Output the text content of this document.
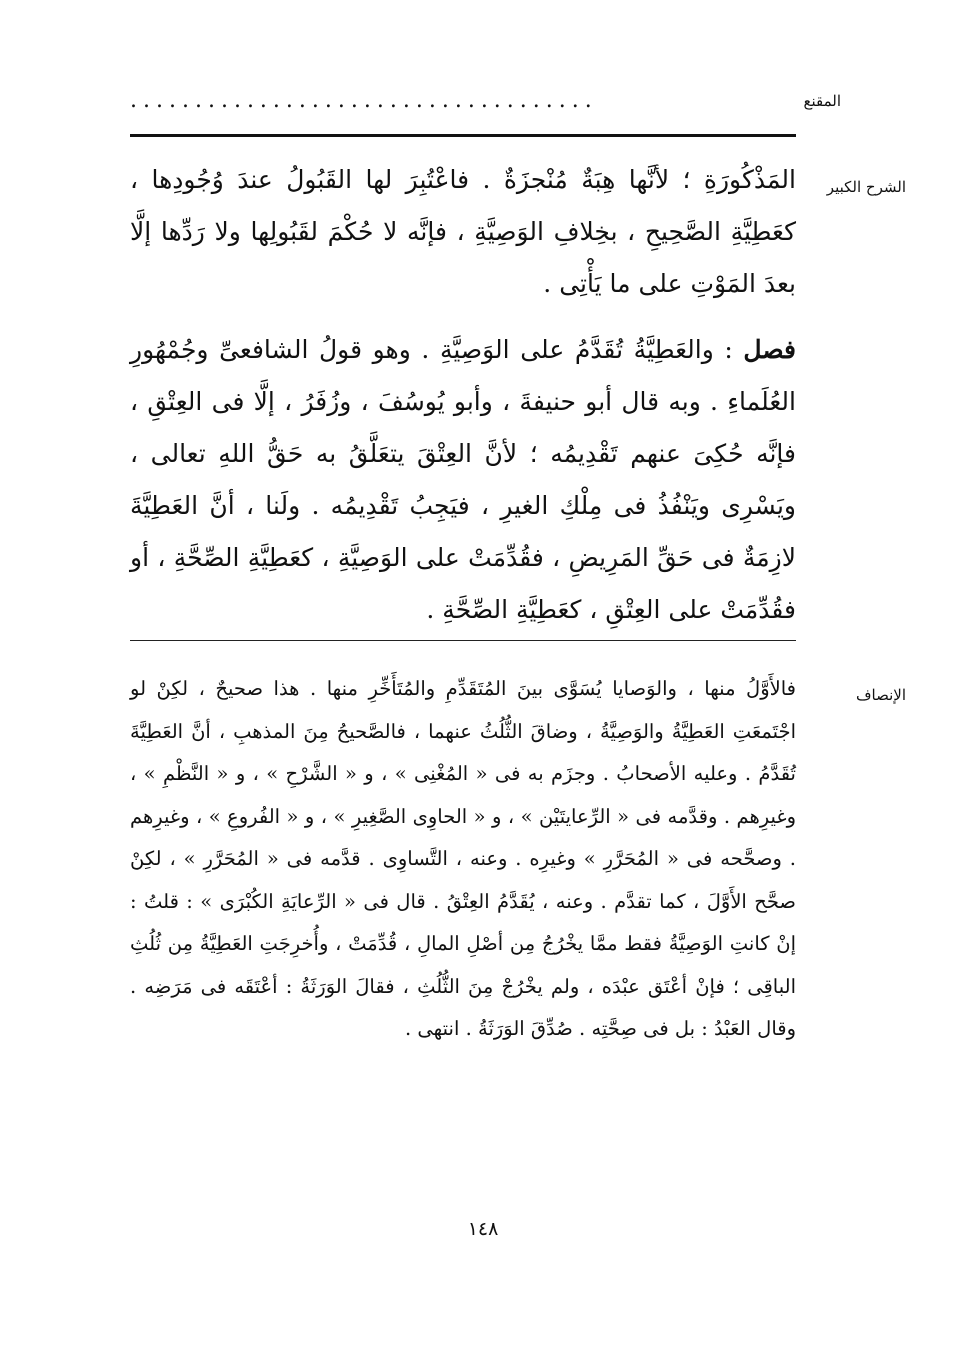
المقنع
....................................
الشرح الكبير

المَذْكُورَةِ ؛ لأنَّها هِبَةٌ مُنْجزَةٌ . فاعْتُبِرَ لها القَبُولُ عندَ وُجُودِها ، كعَطِيَّةِ الصَّحِيحِ ، بخِلافِ الوَصِيَّةِ ، فإنَّه لا حُكْمَ لقَبُولِها ولا رَدِّها إلَّا بعدَ المَوْتِ على ما يَأْتِى .

فصل : والعَطِيَّةُ تُقَدَّمُ على الوَصِيَّةِ . وهو قولُ الشافعىِّ وجُمْهُورِ العُلَماءِ . وبه قال أبو حنيفةَ ، وأبو يُوسُفَ ، وزُفَرُ ، إلَّا فى العِتْقِ ، فإنَّه حُكِىَ عنهم تَقْدِيمُه ؛ لأنَّ العِتْقَ يتعَلَّقُ به حَقُّ اللهِ تعالى ، ويَسْرِى ويَنْفُذُ فى مِلْكِ الغيرِ ، فيَجِبُ تَقْدِيمُه . ولَنا ، أنَّ العَطِيَّةَ لازِمَةٌ فى حَقِّ المَرِيضِ ، فقُدِّمَتْ على الوَصِيَّةِ ، كعَطِيَّةِ الصِّحَّةِ ، أو فقُدِّمَتْ على العِتْقِ ، كعَطِيَّةِ الصِّحَّةِ .

الإنصاف

فالأَوَّلُ منها ، والوَصايا يُسَوَّى بينَ المُتَقَدِّمِ والمُتَأَخِّرِ منها . هذا صحيحٌ ، لكِنْ لو اجْتَمعَتِ العَطِيَّةُ والوَصِيَّةُ ، وضاقَ الثُّلُثُ عنهما ، فالصَّحيحُ مِنَ المذهبِ ، أنَّ العَطِيَّةَ تُقَدَّمُ . وعليه الأصحابُ . وجزَم به فى « المُغْنِى » ، و « الشَّرْحِ » ، و « النَّظْمِ » ، وغيرِهم . وقدَّمه فى « الرِّعايتَيْن » ، و « الحاوِى الصَّغِيرِ » ، و « الفُروعِ » ، وغيرِهم . وصحَّحه فى « المُحَرَّرِ » وغيرِه . وعنه ، التَّساوِى . قدَّمه فى « المُحَرَّرِ » ، لكِنْ صحَّح الأَوَّلَ ، كما تقدَّم . وعنه ، يُقَدَّمُ العِتْقُ . قال فى « الرِّعايَةِ الكُبْرَى » : قلتُ : إنْ كانتِ الوَصِيَّةُ فقط ممَّا يخْرُجُ مِن أصْلِ المالِ ، قُدِّمَتْ ، وأُخرِجَتِ العَطِيَّةُ مِن ثُلُثِ الباقِى ؛ فإنْ أعْتَق عبْدَه ، ولم يخْرُجْ مِنَ الثُّلُثِ ، فقالَ الوَرَثَةُ : أعْتَقَه فى مَرَضِه . وقال العَبْدُ : بل فى صِحَّتِه . صُدِّقَ الوَرَثَةُ . انتهى .

١٤٨
